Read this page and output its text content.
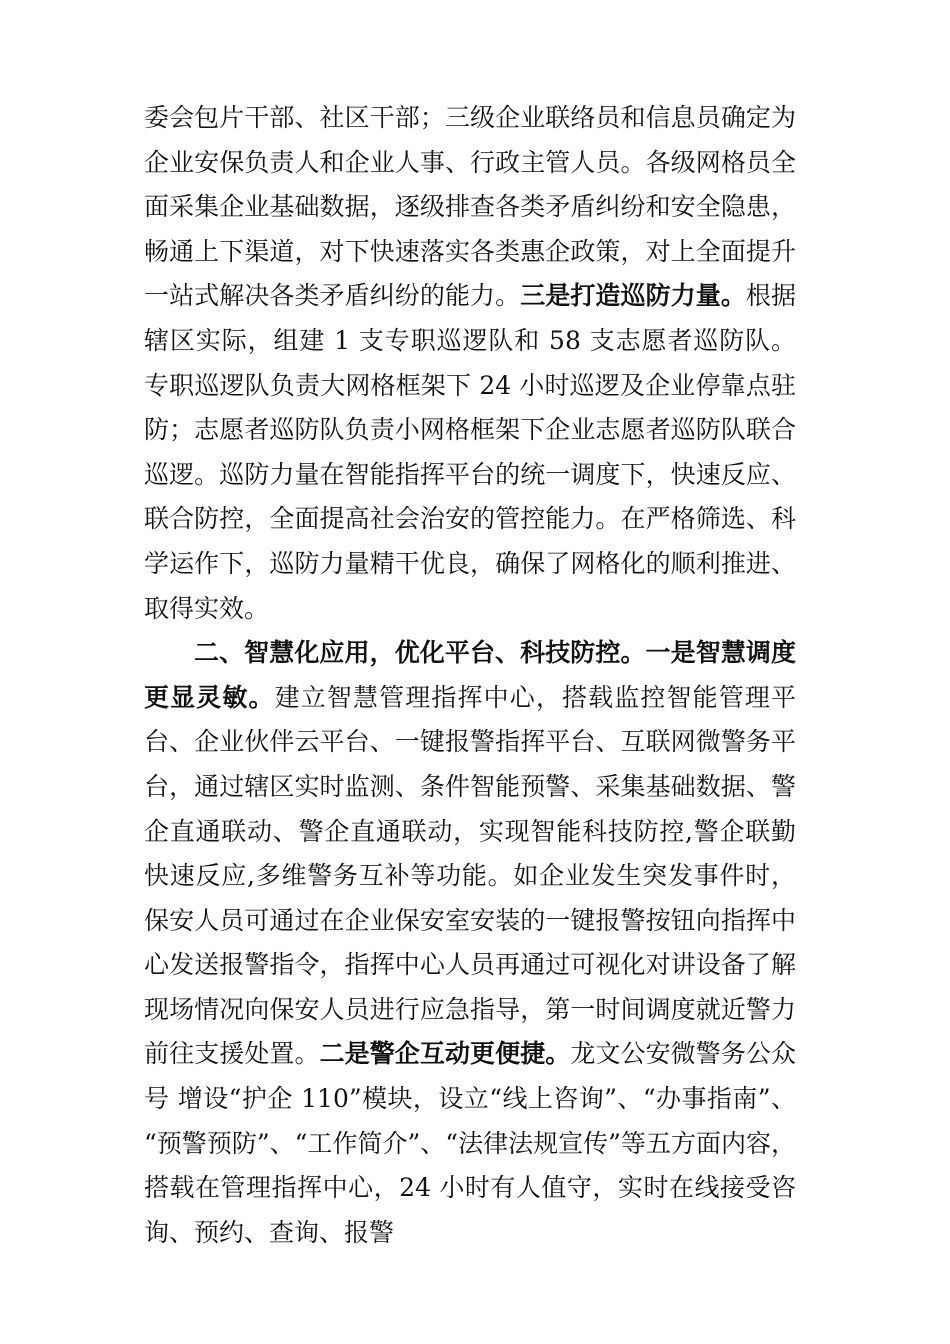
委会包片干部、社区干部；三级企业联络员和信息员确定为企业安保负责人和企业人事、行政主管人员。各级网格员全面采集企业基础数据，逐级排查各类矛盾纠纷和安全隐患，畅通上下渠道，对下快速落实各类惠企政策，对上全面提升一站式解决各类矛盾纠纷的能力。三是打造巡防力量。根据辖区实际，组建 1 支专职巡逻队和 58 支志愿者巡防队。专职巡逻队负责大网格框架下 24 小时巡逻及企业停靠点驻防；志愿者巡防队负责小网格框架下企业志愿者巡防队联合巡逻。巡防力量在智能指挥平台的统一调度下，快速反应、联合防控，全面提高社会治安的管控能力。在严格筛选、科学运作下，巡防力量精干优良，确保了网格化的顺利推进、取得实效。

二、智慧化应用，优化平台、科技防控。一是智慧调度更显灵敏。建立智慧管理指挥中心，搭载监控智能管理平台、企业伙伴云平台、一键报警指挥平台、互联网微警务平台，通过辖区实时监测、条件智能预警、采集基础数据、警企直通联动、警企直通联动，实现智能科技防控,警企联勤快速反应,多维警务互补等功能。如企业发生突发事件时，保安人员可通过在企业保安室安装的一键报警按钮向指挥中心发送报警指令，指挥中心人员再通过可视化对讲设备了解现场情况向保安人员进行应急指导，第一时间调度就近警力前往支援处置。二是警企互动更便捷。龙文公安微警务公众号 增设“护企 110”模块，设立“线上咨询”、“办事指南”、 “预警预防”、“工作简介”、“法律法规宣传”等五方面内容，搭载在管理指挥中心，24 小时有人值守，实时在线接受咨询、预约、查询、报警
